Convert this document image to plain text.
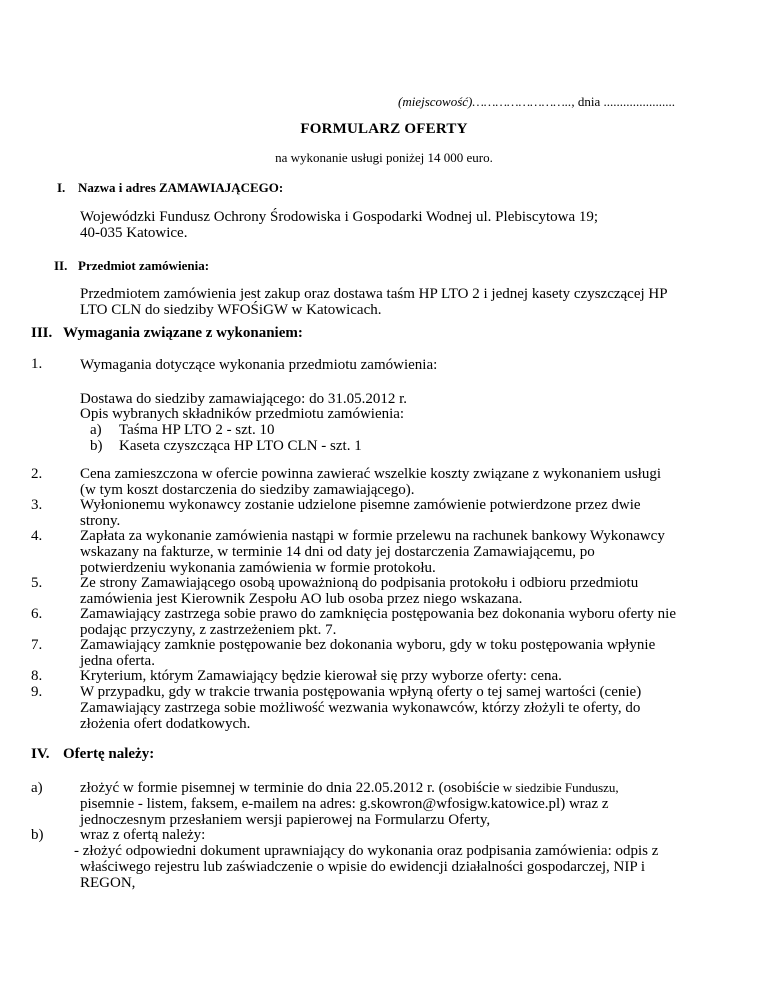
(miejscowość)…………………….., dnia ......................
FORMULARZ OFERTY
na wykonanie usługi poniżej 14 000 euro.
I. Nazwa i adres ZAMAWIAJĄCEGO:
Wojewódzki Fundusz Ochrony Środowiska i Gospodarki Wodnej ul. Plebiscytowa 19;
40-035 Katowice.
II. Przedmiot zamówienia:
Przedmiotem zamówienia jest zakup oraz dostawa taśm HP LTO 2 i jednej kasety czyszczącej HP
LTO CLN do siedziby WFOŚiGW w Katowicach.
III. Wymagania związane z wykonaniem:
1.	Wymagania dotyczące wykonania przedmiotu zamówienia:
Dostawa do siedziby zamawiającego: do 31.05.2012 r.
Opis wybranych składników przedmiotu zamówienia:
a) Taśma HP LTO 2 - szt. 10
b) Kaseta czyszcząca HP LTO CLN - szt. 1
2.	Cena zamieszczona w ofercie powinna zawierać wszelkie koszty związane z wykonaniem usługi
(w tym koszt dostarczenia do siedziby zamawiającego).
3.	Wyłonionemu wykonawcy zostanie udzielone pisemne zamówienie potwierdzone przez dwie
strony.
4.	Zapłata za wykonanie zamówienia nastąpi w formie przelewu na rachunek bankowy Wykonawcy
wskazany na fakturze, w terminie 14 dni od daty jej dostarczenia Zamawiającemu, po
potwierdzeniu wykonania zamówienia w formie protokołu.
5.	Ze strony Zamawiającego osobą upoważnioną do podpisania protokołu i odbioru przedmiotu
zamówienia jest Kierownik Zespołu AO lub osoba przez niego wskazana.
6.	Zamawiający zastrzega sobie prawo do zamknięcia postępowania bez dokonania wyboru oferty nie
podając przyczyny, z zastrzeżeniem pkt. 7.
7.	Zamawiający zamknie postępowanie bez dokonania wyboru, gdy w toku postępowania wpłynie
jedna oferta.
8.	Kryterium, którym Zamawiający będzie kierował się przy wyborze oferty: cena.
9.	W przypadku, gdy w trakcie trwania postępowania wpłyną oferty o tej samej wartości (cenie)
Zamawiający zastrzega sobie możliwość wezwania wykonawców, którzy złożyli te oferty, do
złożenia ofert dodatkowych.
IV. Ofertę należy:
a) złożyć w formie pisemnej w terminie do dnia 22.05.2012 r. (osobiście w siedzibie Funduszu,
pisemnie - listem, faksem, e-mailem na adres: g.skowron@wfosigw.katowice.pl) wraz z
jednoczesnym przesłaniem wersji papierowej na Formularzu Oferty,
b) wraz z ofertą należy:
- złożyć odpowiedni dokument uprawniający do wykonania oraz podpisania zamówienia: odpis z
właściwego rejestru lub zaświadczenie o wpisie do ewidencji działalności gospodarczej, NIP i
REGON,
